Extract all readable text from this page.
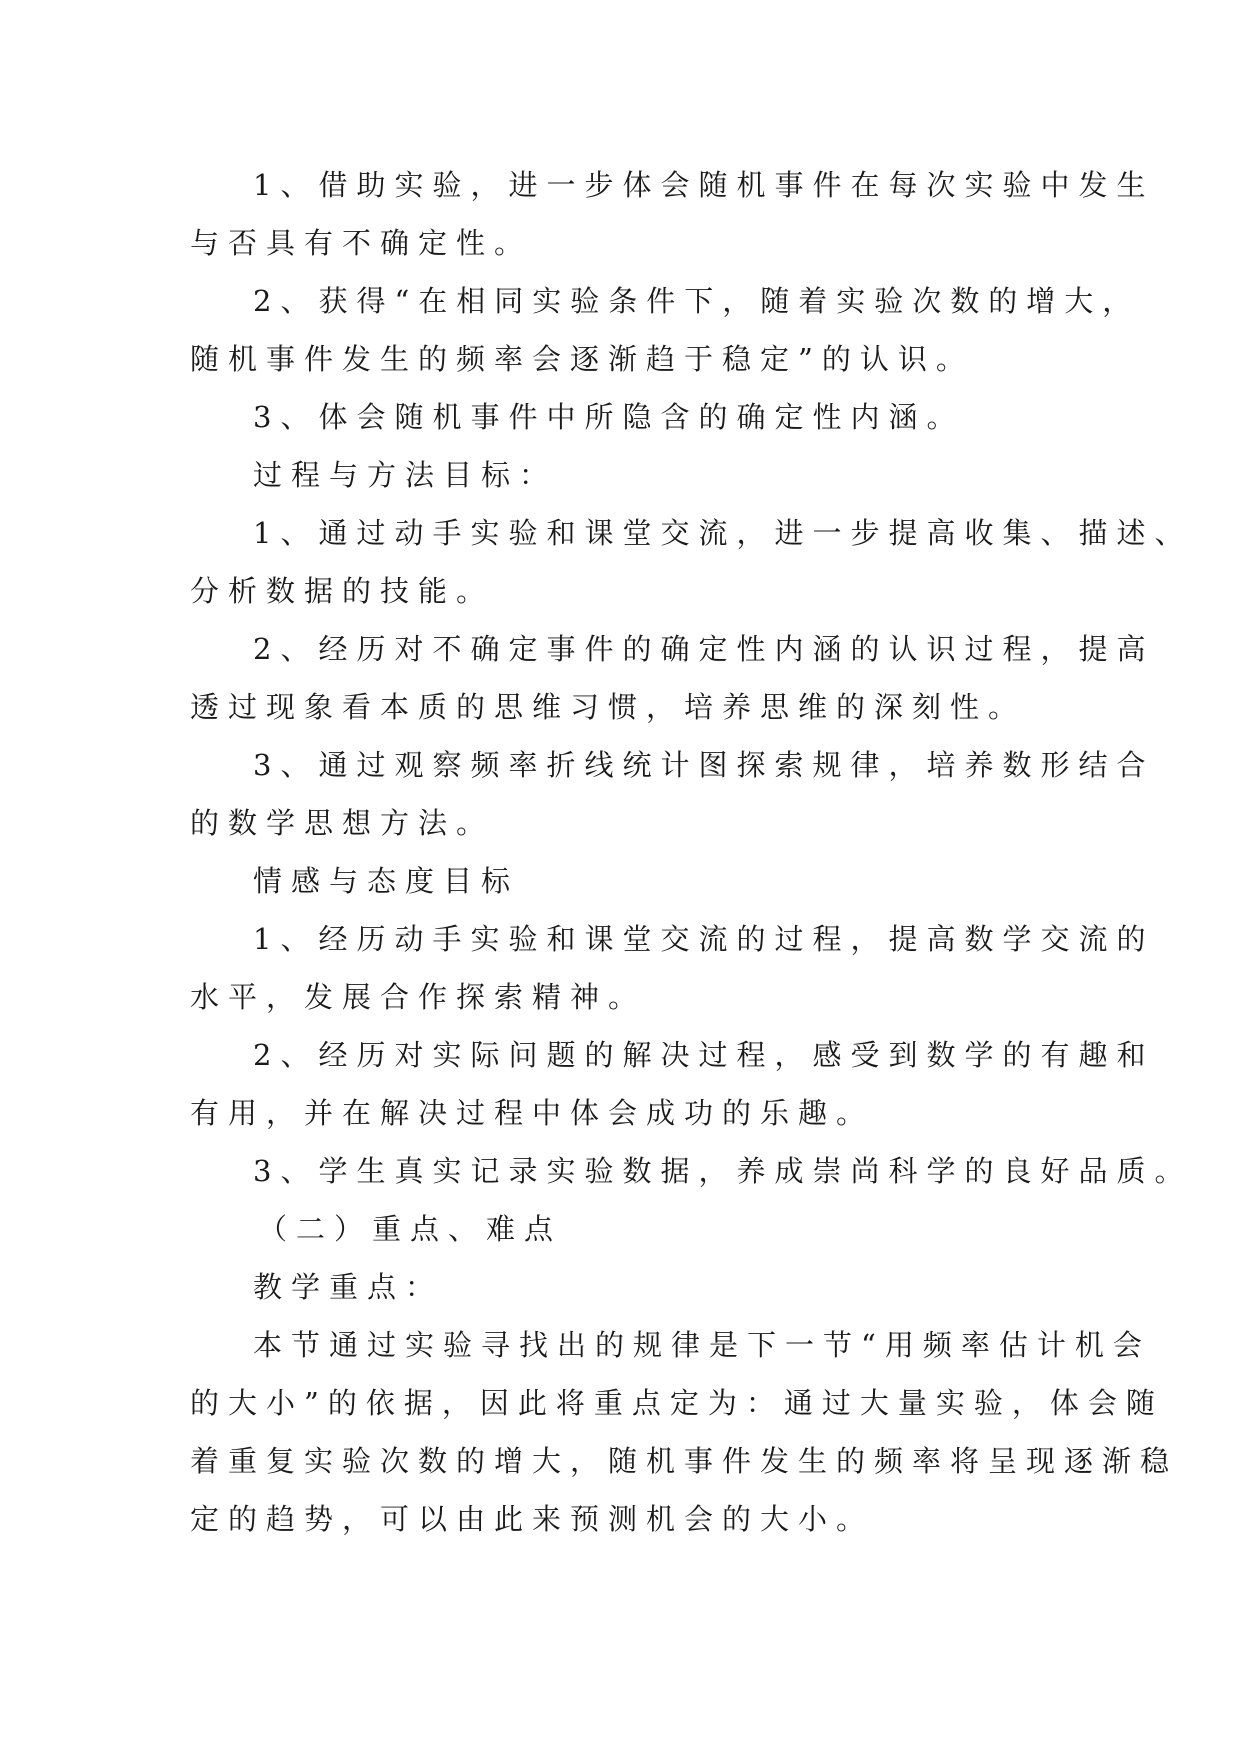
1、借助实验，进一步体会随机事件在每次实验中发生
与否具有不确定性。
2、获得“在相同实验条件下，随着实验次数的增大，
随机事件发生的频率会逐渐趋于稳定”的认识。
3、体会随机事件中所隐含的确定性内涵。
过程与方法目标：
1、通过动手实验和课堂交流，进一步提高收集、描述、
分析数据的技能。
2、经历对不确定事件的确定性内涵的认识过程，提高
透过现象看本质的思维习惯，培养思维的深刻性。
3、通过观察频率折线统计图探索规律，培养数形结合
的数学思想方法。
情感与态度目标
1、经历动手实验和课堂交流的过程，提高数学交流的
水平，发展合作探索精神。
2、经历对实际问题的解决过程，感受到数学的有趣和
有用，并在解决过程中体会成功的乐趣。
3、学生真实记录实验数据，养成崇尚科学的良好品质。
（二）重点、难点
教学重点：
本节通过实验寻找出的规律是下一节“用频率估计机会
的大小”的依据，因此将重点定为：通过大量实验，体会随
着重复实验次数的增大，随机事件发生的频率将呈现逐渐稳
定的趋势，可以由此来预测机会的大小。
